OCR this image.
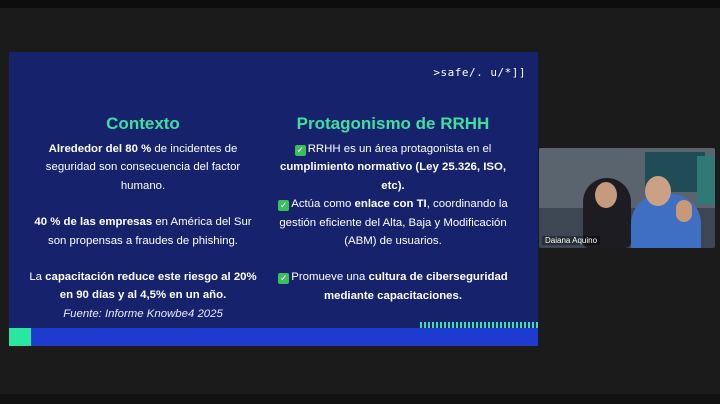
>safe/. u/*]]
Contexto

Alrededor del 80 % de incidentes de seguridad son consecuencia del factor humano.

40 % de las empresas en América del Sur son propensas a fraudes de phishing.

La capacitación reduce este riesgo al 20% en 90 días y al 4,5% en un año.

Fuente: Informe Knowbe4 2025

Protagonismo de RRHH

✓ RRHH es un área protagonista en el cumplimiento normativo (Ley 25.326, ISO, etc).

✓ Actúa como enlace con TI, coordinando la gestión eficiente del Alta, Baja y Modificación (ABM) de usuarios.

✓ Promueve una cultura de ciberseguridad mediante capacitaciones.

Daiana Aquino
